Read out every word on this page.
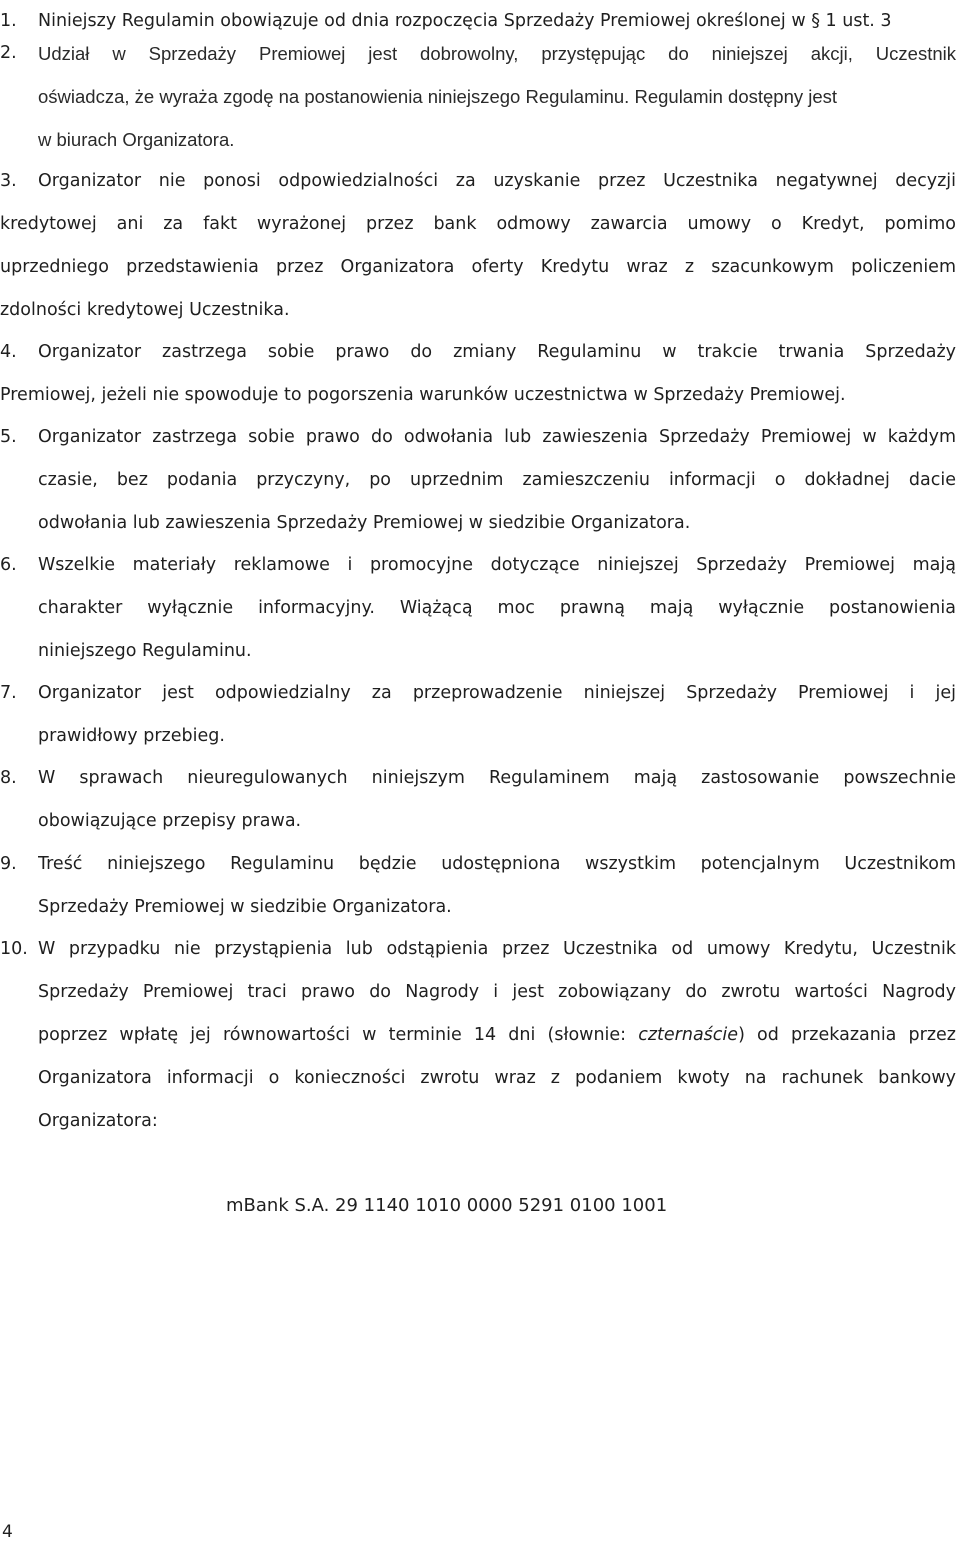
1. Niniejszy Regulamin obowiązuje od dnia rozpoczęcia Sprzedaży Premiowej określonej w § 1 ust. 3

2. Udział w Sprzedaży Premiowej jest dobrowolny, przystępując do niniejszej akcji, Uczestnik

oświadcza, że wyraża zgodę na postanowienia niniejszego Regulaminu. Regulamin dostępny jest

w biurach Organizatora.

3. Organizator nie ponosi odpowiedzialności za uzyskanie przez Uczestnika negatywnej decyzji

kredytowej ani za fakt wyrażonej przez bank odmowy zawarcia umowy o Kredyt, pomimo

uprzedniego przedstawienia przez Organizatora oferty Kredytu wraz z szacunkowym policzeniem

zdolności kredytowej Uczestnika.

4. Organizator zastrzega sobie prawo do zmiany Regulaminu w trakcie trwania Sprzedaży

Premiowej, jeżeli nie spowoduje to pogorszenia warunków uczestnictwa w Sprzedaży Premiowej.

5. Organizator zastrzega sobie prawo do odwołania lub zawieszenia Sprzedaży Premiowej w każdym

czasie, bez podania przyczyny, po uprzednim zamieszczeniu informacji o dokładnej dacie

odwołania lub zawieszenia Sprzedaży Premiowej w siedzibie Organizatora.

6. Wszelkie materiały reklamowe i promocyjne dotyczące niniejszej Sprzedaży Premiowej mają

charakter wyłącznie informacyjny. Wiążącą moc prawną mają wyłącznie postanowienia

niniejszego Regulaminu.

7. Organizator jest odpowiedzialny za przeprowadzenie niniejszej Sprzedaży Premiowej i jej

prawidłowy przebieg.

8. W sprawach nieuregulowanych niniejszym Regulaminem mają zastosowanie powszechnie

obowiązujące przepisy prawa.

9. Treść niniejszego Regulaminu będzie udostępniona wszystkim potencjalnym Uczestnikom

Sprzedaży Premiowej w siedzibie Organizatora.

10. W przypadku nie przystąpienia lub odstąpienia przez Uczestnika od umowy Kredytu, Uczestnik

Sprzedaży Premiowej traci prawo do Nagrody i jest zobowiązany do zwrotu wartości Nagrody

poprzez wpłatę jej równowartości w terminie 14 dni (słownie: czternaście) od przekazania przez

Organizatora informacji o konieczności zwrotu wraz z podaniem kwoty na rachunek bankowy

Organizatora:

mBank S.A. 29 1140 1010 0000 5291 0100 1001
4
